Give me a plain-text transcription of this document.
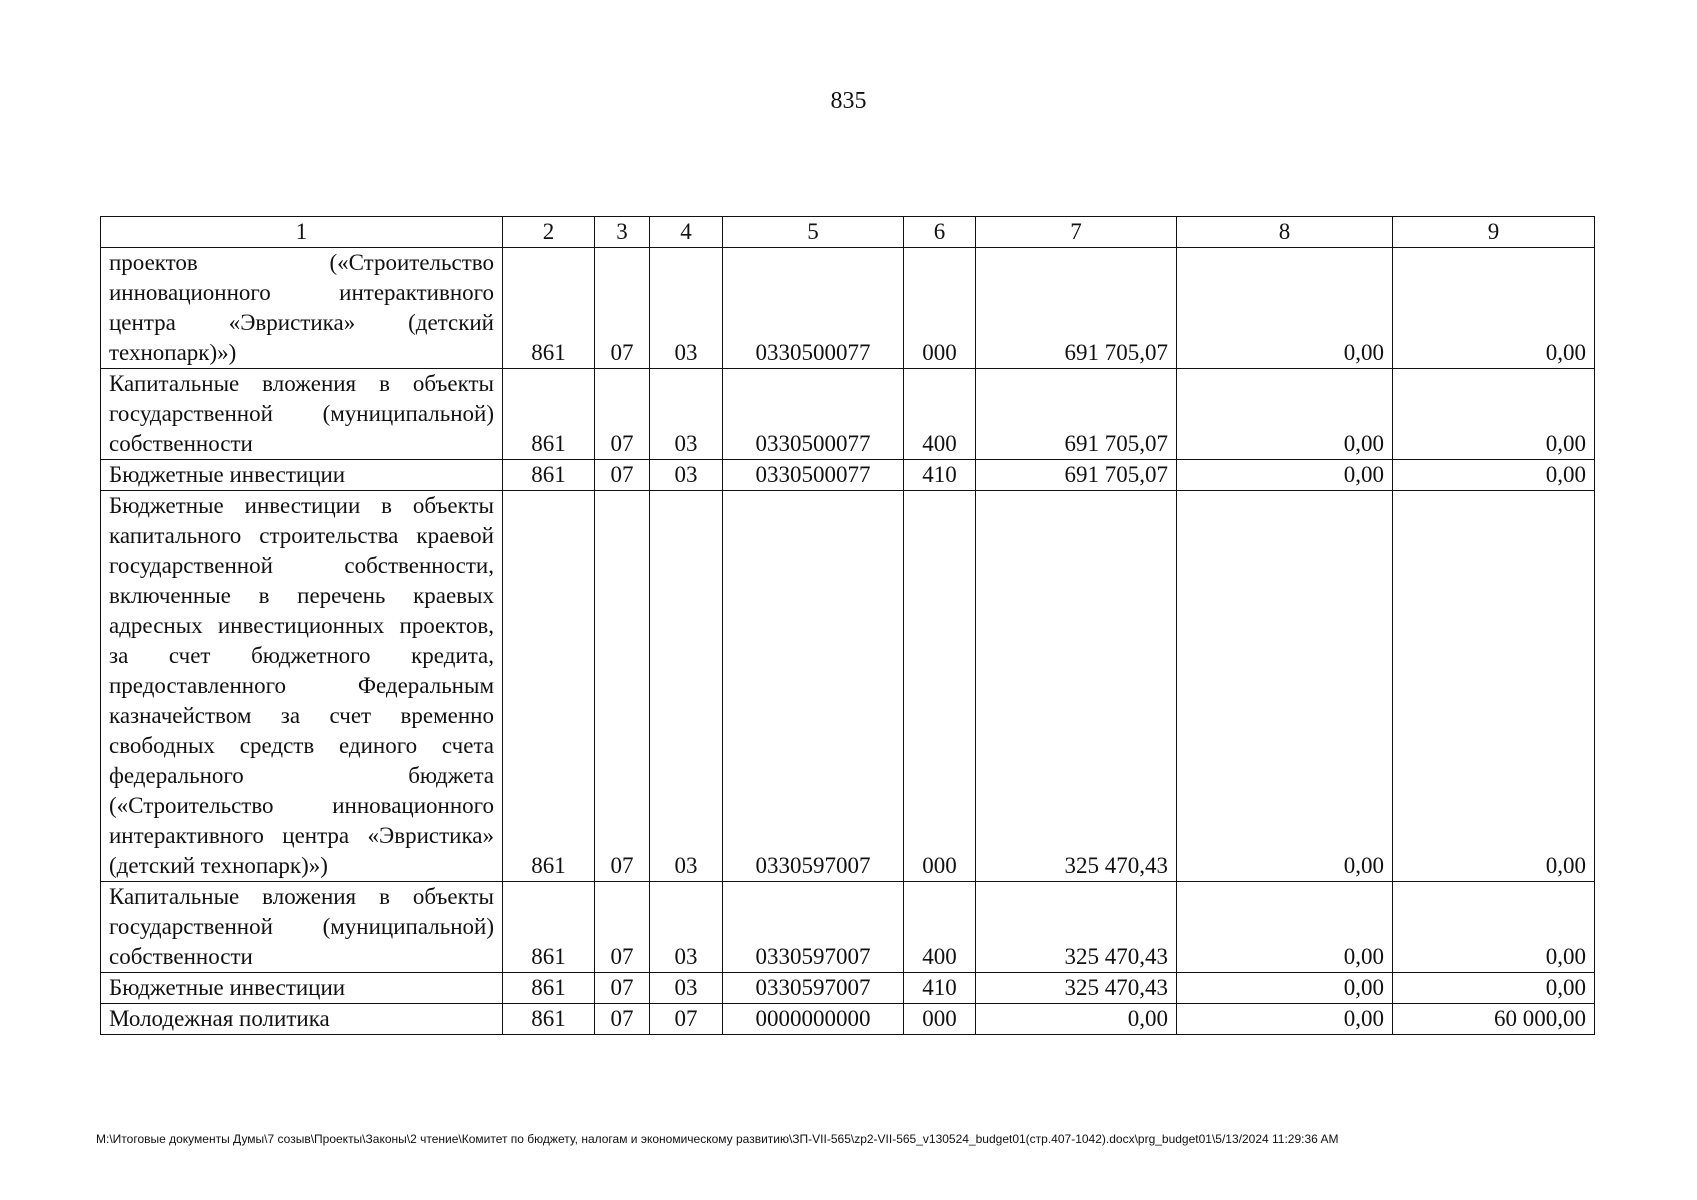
835
1	2	3	4	5	6	7	8	9
проектов («Строительство инновационного интерактивного центра «Эвристика» (детский технопарк)»)	861	07	03	0330500077	000	691 705,07	0,00	0,00
Капитальные вложения в объекты государственной (муниципальной) собственности	861	07	03	0330500077	400	691 705,07	0,00	0,00
Бюджетные инвестиции	861	07	03	0330500077	410	691 705,07	0,00	0,00
Бюджетные инвестиции в объекты капитального строительства краевой государственной собственности, включенные в перечень краевых адресных инвестиционных проектов, за счет бюджетного кредита, предоставленного Федеральным казначейством за счет временно свободных средств единого счета федерального бюджета («Строительство инновационного интерактивного центра «Эвристика» (детский технопарк)»)	861	07	03	0330597007	000	325 470,43	0,00	0,00
Капитальные вложения в объекты государственной (муниципальной) собственности	861	07	03	0330597007	400	325 470,43	0,00	0,00
Бюджетные инвестиции	861	07	03	0330597007	410	325 470,43	0,00	0,00
Молодежная политика	861	07	07	0000000000	000	0,00	0,00	60 000,00
M:\Итоговые документы Думы\7 созыв\Проекты\Законы\2 чтение\Комитет по бюджету, налогам и экономическому развитию\ЗП-VII-565\zp2-VII-565_v130524_budget01(стр.407-1042).docx\prg_budget01\5/13/2024 11:29:36 AM
